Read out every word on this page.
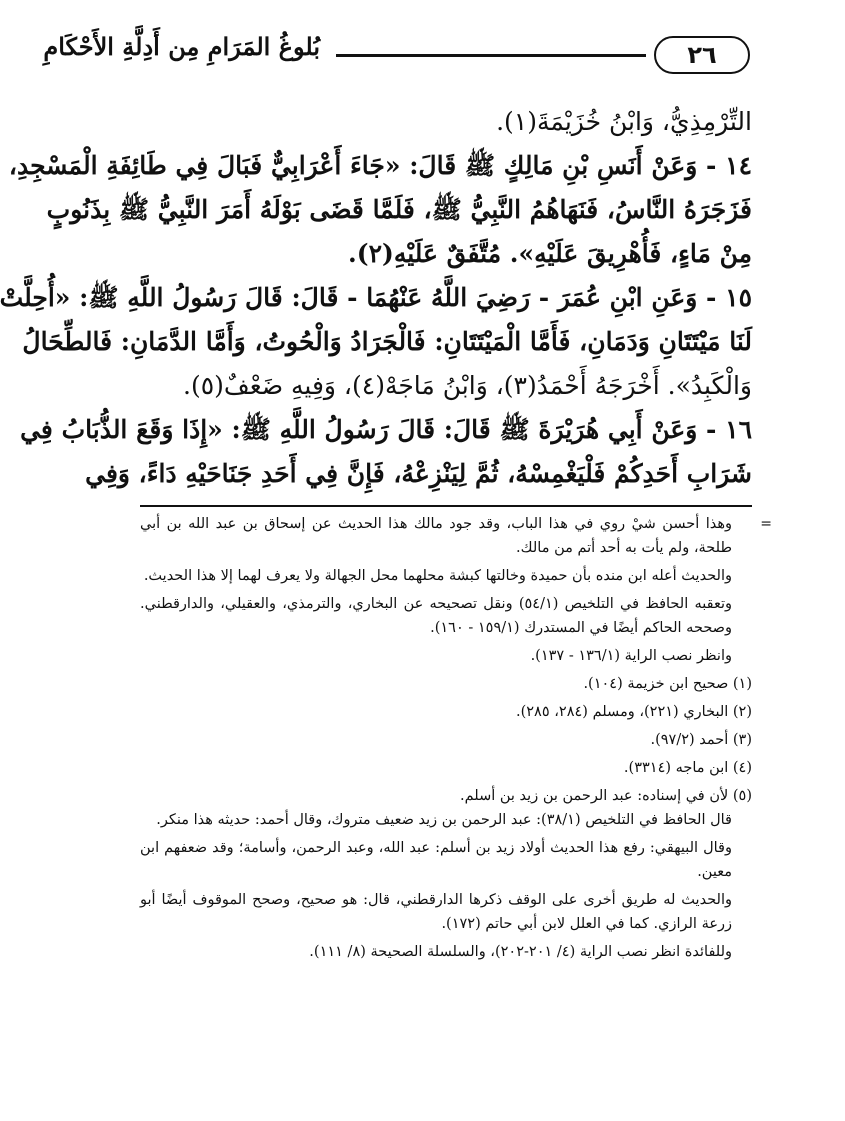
٢٦
بُلوغُ المَرَامِ مِن أَدِلَّةِ الأَحْكَامِ
التِّرْمِذِيُّ، وَابْنُ خُزَيْمَةَ(١).
١٤ - وَعَنْ أَنَسِ بْنِ مَالِكٍ ﷺ قَالَ: «جَاءَ أَعْرَابِيٌّ فَبَالَ فِي طَائِفَةِ الْمَسْجِدِ،
فَزَجَرَهُ النَّاسُ، فَنَهَاهُمُ النَّبِيُّ ﷺ، فَلَمَّا قَضَى بَوْلَهُ أَمَرَ النَّبِيُّ ﷺ بِذَنُوبٍ
مِنْ مَاءٍ، فَأُهْرِيقَ عَلَيْهِ». مُتَّفَقٌ عَلَيْهِ(٢).
١٥ - وَعَنِ ابْنِ عُمَرَ - رَضِيَ اللَّهُ عَنْهُمَا - قَالَ: قَالَ رَسُولُ اللَّهِ ﷺ: «أُحِلَّتْ
لَنَا مَيْتَتَانِ وَدَمَانِ، فَأَمَّا الْمَيْتَتَانِ: فَالْجَرَادُ وَالْحُوتُ، وَأَمَّا الدَّمَانِ: فَالطِّحَالُ
وَالْكَبِدُ». أَخْرَجَهُ أَحْمَدُ(٣)، وَابْنُ مَاجَهْ(٤)، وَفِيهِ ضَعْفٌ(٥).
١٦ - وَعَنْ أَبِي هُرَيْرَةَ ﷺ قَالَ: قَالَ رَسُولُ اللَّهِ ﷺ: «إِذَا وَقَعَ الذُّبَابُ فِي
شَرَابِ أَحَدِكُمْ فَلْيَغْمِسْهُ، ثُمَّ لِيَنْزِعْهُ، فَإِنَّ فِي أَحَدِ جَنَاحَيْهِ دَاءً، وَفِي
=

وهذا أحسن شيْ روي في هذا الباب، وقد جود مالك هذا الحديث عن إسحاق بن عبد الله بن أبي طلحة، ولم يأت به أحد أتم من مالك.

والحديث أعله ابن منده بأن حميدة وخالتها كبشة محلهما محل الجهالة ولا يعرف لهما إلا هذا الحديث.

وتعقبه الحافظ في التلخيص (٥٤/١) ونقل تصحيحه عن البخاري، والترمذي، والعقيلي، والدارقطني. وصححه الحاكم أيضًا في المستدرك (١٥٩/١ - ١٦٠).

وانظر نصب الراية (١٣٦/١ - ١٣٧).

(١) صحيح ابن خزيمة (١٠٤).

(٢) البخاري (٢٢١)، ومسلم (٢٨٤، ٢٨٥).

(٣) أحمد (٩٧/٢).

(٤) ابن ماجه (٣٣١٤).

(٥) لأن في إسناده: عبد الرحمن بن زيد بن أسلم.

قال الحافظ في التلخيص (٣٨/١): عبد الرحمن بن زيد ضعيف متروك، وقال أحمد: حديثه هذا منكر.

وقال البيهقي: رفع هذا الحديث أولاد زيد بن أسلم: عبد الله، وعبد الرحمن، وأسامة؛ وقد ضعفهم ابن معين.

والحديث له طريق أخرى على الوقف ذكرها الدارقطني، قال: هو صحيح، وصحح الموقوف أيضًا أبو زرعة الرازي. كما في العلل لابن أبي حاتم (١٧٢).

وللفائدة انظر نصب الراية (٤/ ٢٠١-٢٠٢)، والسلسلة الصحيحة (٨/ ١١١).
